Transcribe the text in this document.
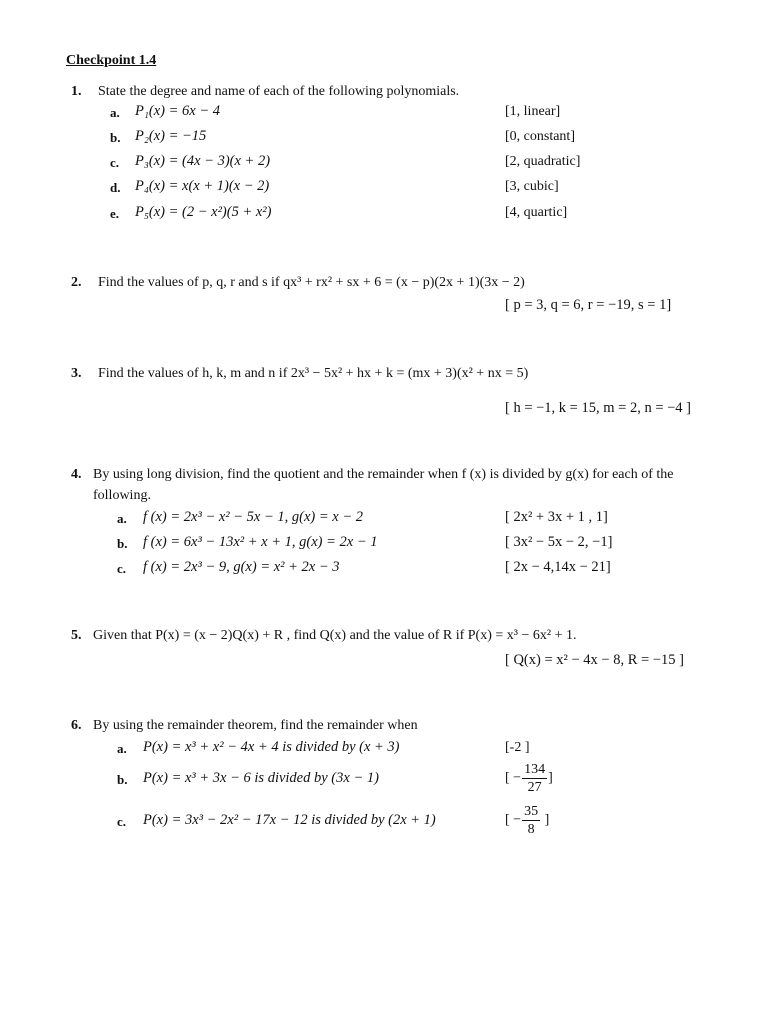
Checkpoint 1.4
1. State the degree and name of each of the following polynomials.
a. P₁(x) = 6x − 4	[1, linear]
b. P₂(x) = −15	[0, constant]
c. P₃(x) = (4x − 3)(x + 2)	[2, quadratic]
d. P₄(x) = x(x + 1)(x − 2)	[3, cubic]
e. P₅(x) = (2 − x²)(5 + x²)	[4, quartic]
2. Find the values of p, q, r and s if qx³ + rx² + sx + 6 = (x − p)(2x + 1)(3x − 2)
[ p = 3, q = 6, r = −19, s = 1]
3. Find the values of h, k, m and n if 2x³ − 5x² + hx + k = (mx + 3)(x² + nx = 5)
[ h = −1, k = 15, m = 2, n = −4 ]
4. By using long division, find the quotient and the remainder when f (x) is divided by g(x) for each of the
following.
a. f (x) = 2x³ − x² − 5x − 1, g(x) = x − 2	[ 2x² + 3x + 1 , 1]
b. f (x) = 6x³ − 13x² + x + 1, g(x) = 2x − 1	[ 3x² − 5x − 2, −1]
c. f (x) = 2x³ − 9, g(x) = x² + 2x − 3	[ 2x − 4,14x − 21]
5. Given that P(x) = (x − 2)Q(x) + R , find Q(x) and the value of R if P(x) = x³ − 6x² + 1.
[ Q(x) = x² − 4x − 8, R = −15 ]
6. By using the remainder theorem, find the remainder when
a. P(x) = x³ + x² − 4x + 4 is divided by (x + 3)	[-2 ]
b. P(x) = x³ + 3x − 6 is divided by (3x − 1)	[ − $\frac{134}{27}$ ]
c. P(x) = 3x³ − 2x² − 17x − 12 is divided by (2x + 1)	[ − $\frac{35}{8}$ ]
